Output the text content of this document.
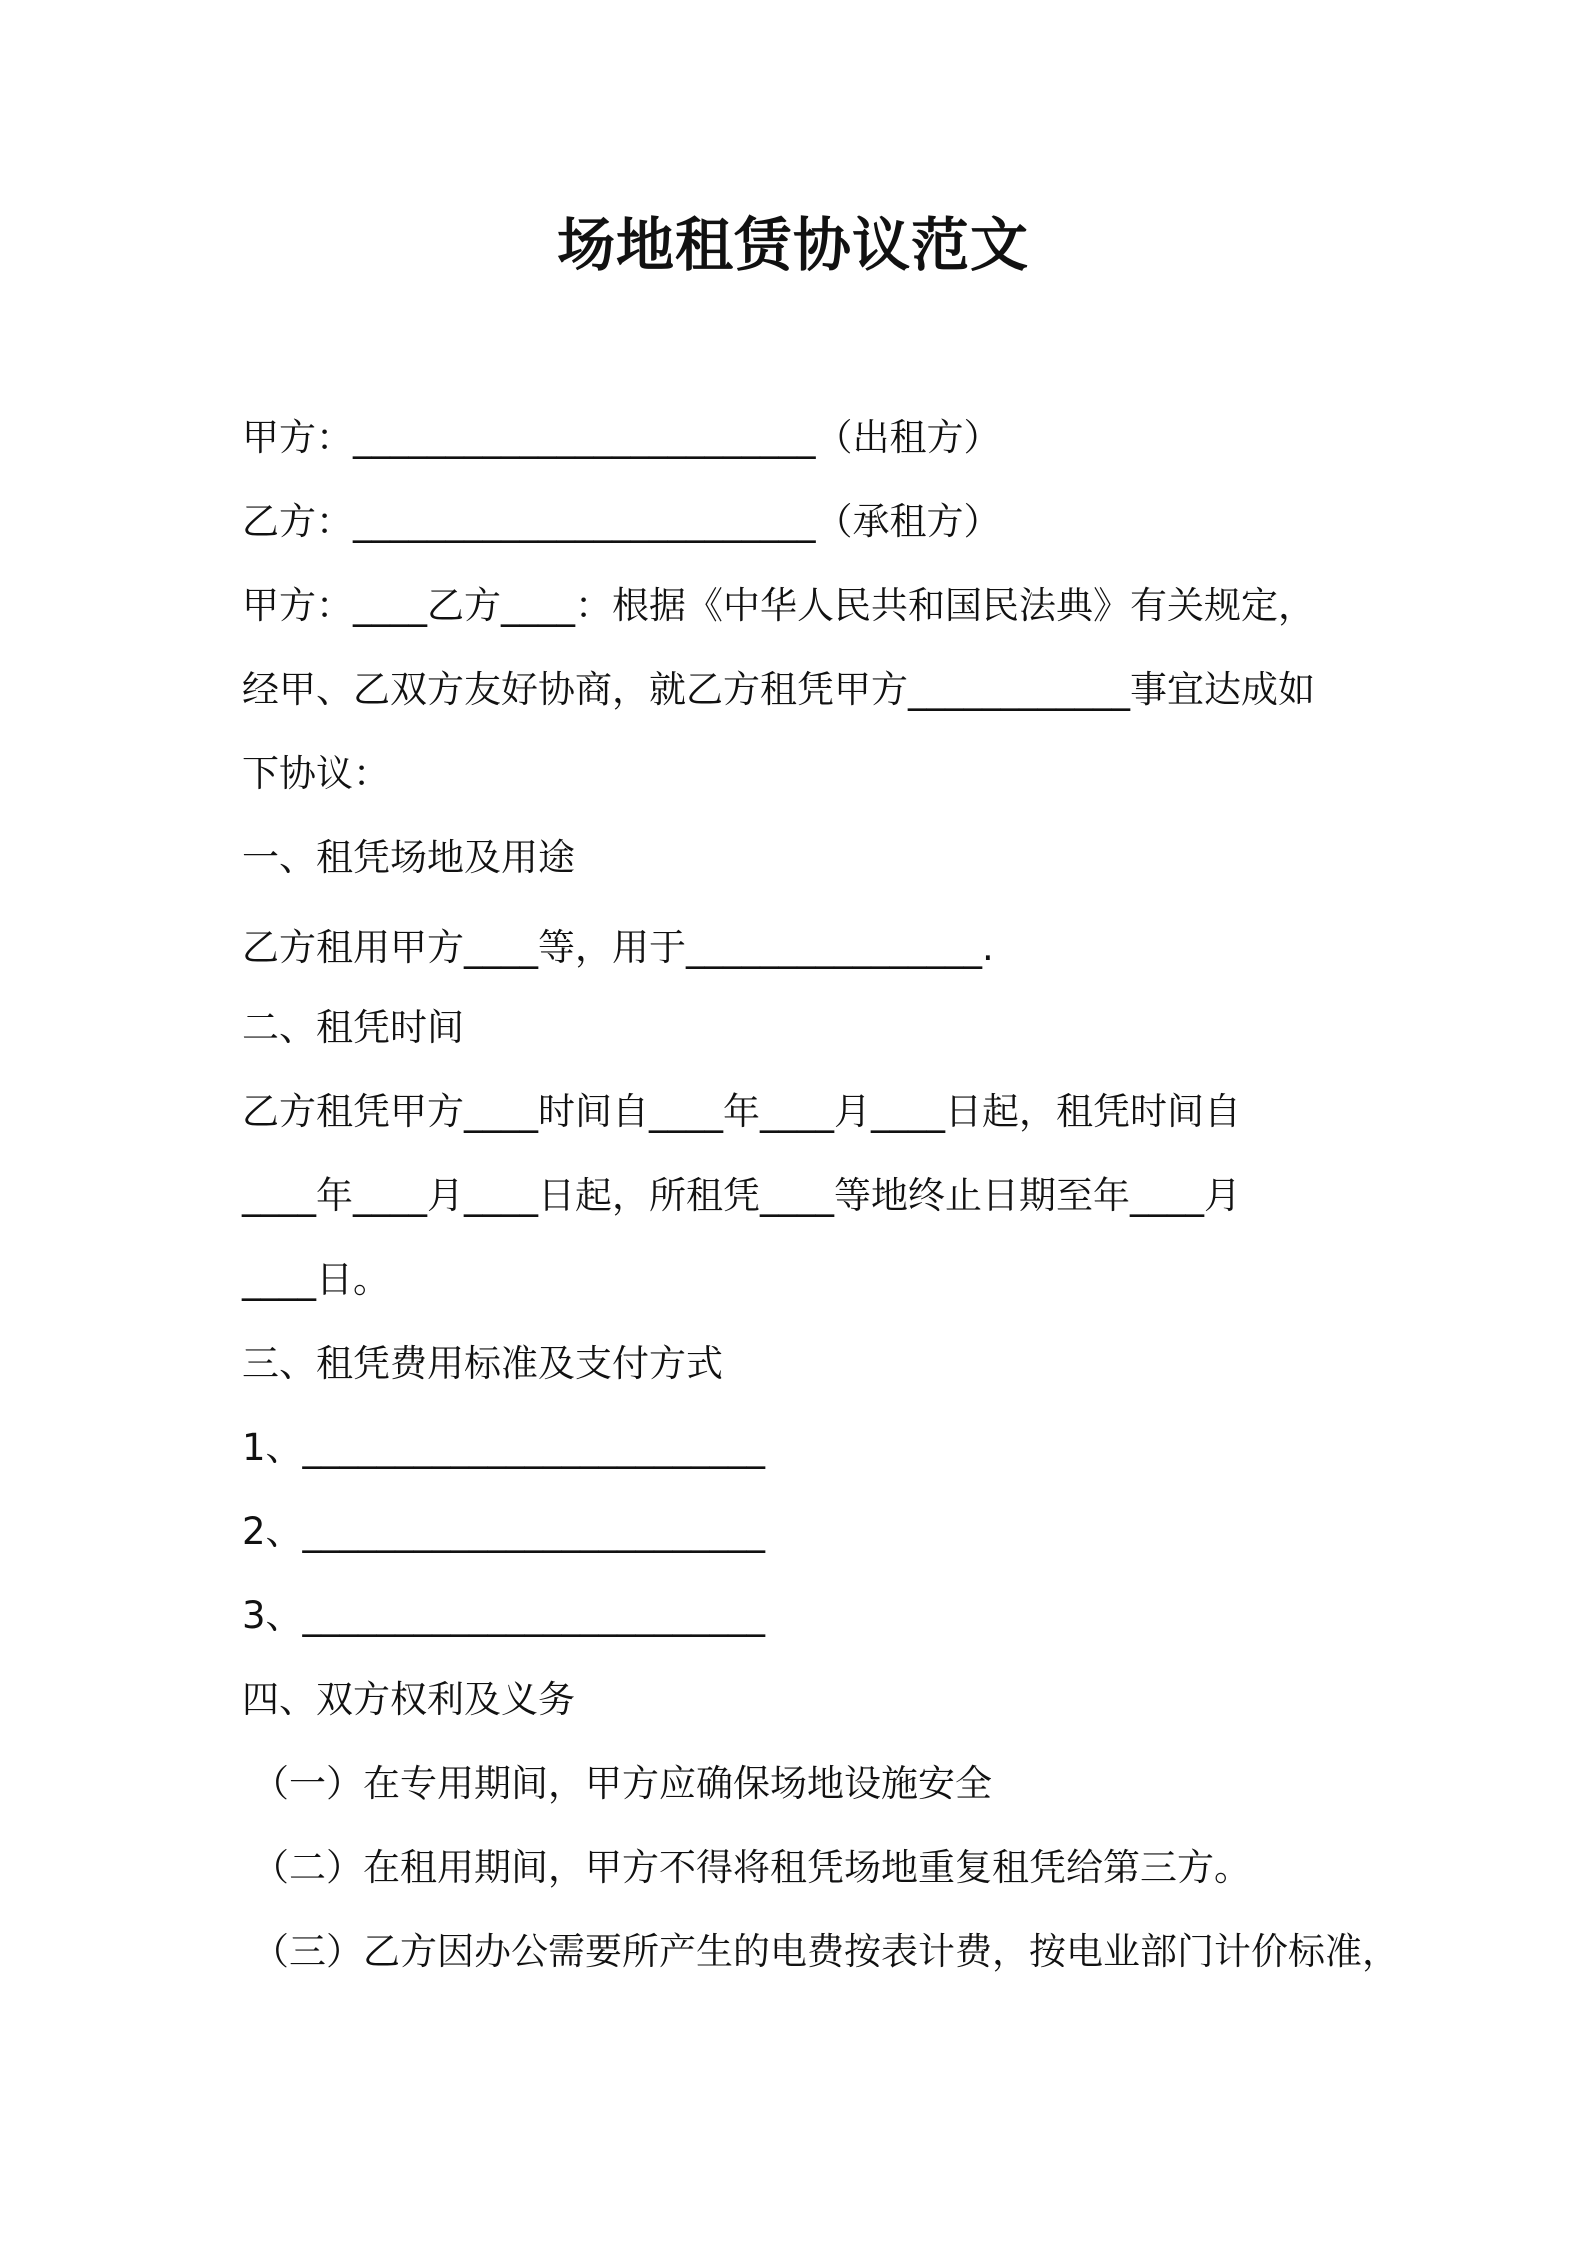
场地租赁协议范文
甲方：_________________________（出租方）
乙方：_________________________（承租方）
甲方：____乙方____：根据《中华人民共和国民法典》有关规定，
经甲、乙双方友好协商，就乙方租凭甲方____________事宜达成如
下协议：
一、租凭场地及用途
乙方租用甲方____等，用于________________.
二、租凭时间
乙方租凭甲方____时间自____年____月____日起，租凭时间自
____年____月____日起，所租凭____等地终止日期至年____月
____日。
三、租凭费用标准及支付方式
1、_________________________
2、_________________________
3、_________________________
四、双方权利及义务
（一）在专用期间，甲方应确保场地设施安全
（二）在租用期间，甲方不得将租凭场地重复租凭给第三方。
（三）乙方因办公需要所产生的电费按表计费，按电业部门计价标准，
